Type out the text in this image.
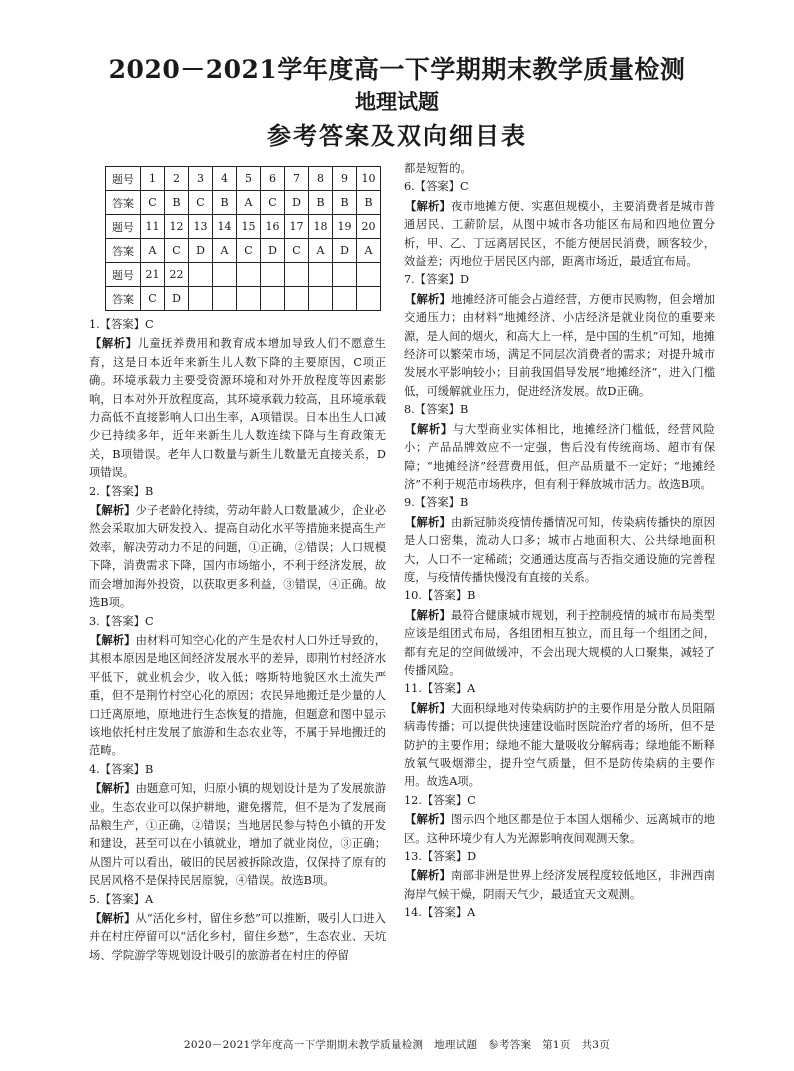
2020－2021学年度高一下学期期末教学质量检测
地理试题
参考答案及双向细目表
题号	1	2	3	4	5	6	7	8	9	10
答案	C	B	C	B	A	C	D	B	B	B
题号	11	12	13	14	15	16	17	18	19	20
答案	A	C	D	A	C	D	C	A	D	A
题号	21	22								
答案	C	D								

1.【答案】C

【解析】儿童抚养费用和教育成本增加导致人们不愿意生育，这是日本近年来新生儿人数下降的主要原因，C项正确。环境承载力主要受资源环境和对外开放程度等因素影响，日本对外开放程度高，其环境承载力较高，且环境承载力高低不直接影响人口出生率，A项错误。日本出生人口减少已持续多年，近年来新生儿人数连续下降与生育政策无关，B项错误。老年人口数量与新生儿数量无直接关系，D项错误。

2.【答案】B

【解析】少子老龄化持续，劳动年龄人口数量减少，企业必然会采取加大研发投入、提高自动化水平等措施来提高生产效率，解决劳动力不足的问题，①正确，②错误；人口规模下降，消费需求下降，国内市场缩小，不利于经济发展，故而会增加海外投资，以获取更多利益，③错误，④正确。故选B项。

3.【答案】C

【解析】由材料可知空心化的产生是农村人口外迁导致的，其根本原因是地区间经济发展水平的差异，即荆竹村经济水平低下，就业机会少，收入低；喀斯特地貌区水土流失严重，但不是荆竹村空心化的原因；农民异地搬迁是少量的人口迁离原地，原地进行生态恢复的措施，但题意和图中显示该地依托村庄发展了旅游和生态农业等，不属于异地搬迁的范畴。

4.【答案】B

【解析】由题意可知，归原小镇的规划设计是为了发展旅游业。生态农业可以保护耕地，避免撂荒，但不是为了发展商品粮生产，①正确，②错误；当地居民参与特色小镇的开发和建设，甚至可以在小镇就业，增加了就业岗位，③正确；从图片可以看出，破旧的民居被拆除改造，仅保持了原有的民居风格不是保持民居原貌，④错误。故选B项。

5.【答案】A

【解析】从“活化乡村，留住乡愁”可以推断，吸引人口进入并在村庄停留可以“活化乡村，留住乡愁”，生态农业、天坑场、学院游学等规划设计吸引的旅游者在村庄的停留

都是短暂的。

6.【答案】C

【解析】夜市地摊方便、实惠但规模小，主要消费者是城市普通居民、工薪阶层，从图中城市各功能区布局和四地位置分析，甲、乙、丁远离居民区，不能方便居民消费，顾客较少，效益差；丙地位于居民区内部，距离市场近，最适宜布局。

7.【答案】D

【解析】地摊经济可能会占道经营，方便市民购物，但会增加交通压力；由材料“地摊经济、小店经济是就业岗位的重要来源，是人间的烟火，和高大上一样，是中国的生机”可知，地摊经济可以繁荣市场，满足不同层次消费者的需求；对提升城市发展水平影响较小；目前我国倡导发展“地摊经济”，进入门槛低，可缓解就业压力，促进经济发展。故D正确。

8.【答案】B

【解析】与大型商业实体相比，地摊经济门槛低，经营风险小；产品品牌效应不一定强，售后没有传统商场、超市有保障；“地摊经济”经营费用低，但产品质量不一定好；“地摊经济”不利于规范市场秩序，但有利于释放城市活力。故选B项。

9.【答案】B

【解析】由新冠肺炎疫情传播情况可知，传染病传播快的原因是人口密集，流动人口多；城市占地面积大、公共绿地面积大，人口不一定稀疏；交通通达度高与否指交通设施的完善程度，与疫情传播快慢没有直接的关系。

10.【答案】B

【解析】最符合健康城市规划，利于控制疫情的城市布局类型应该是组团式布局，各组团相互独立，而且每一个组团之间，都有充足的空间做缓冲，不会出现大规模的人口聚集，减轻了传播风险。

11.【答案】A

【解析】大面积绿地对传染病防护的主要作用是分散人员阻隔病毒传播；可以提供快速建设临时医院治疗者的场所，但不是防护的主要作用；绿地不能大量吸收分解病毒；绿地能不断释放氧气吸烟滞尘，提升空气质量，但不是防传染病的主要作用。故选A项。

12.【答案】C

【解析】图示四个地区都是位于本国人烟稀少、远离城市的地区。这种环境少有人为光源影响夜间观测天象。

13.【答案】D

【解析】南部非洲是世界上经济发展程度较低地区，非洲西南海岸气候干燥，阴雨天气少，最适宜天文观测。

14.【答案】A

2020－2021学年度高一下学期期末教学质量检测　地理试题　参考答案　第1页　共3页
